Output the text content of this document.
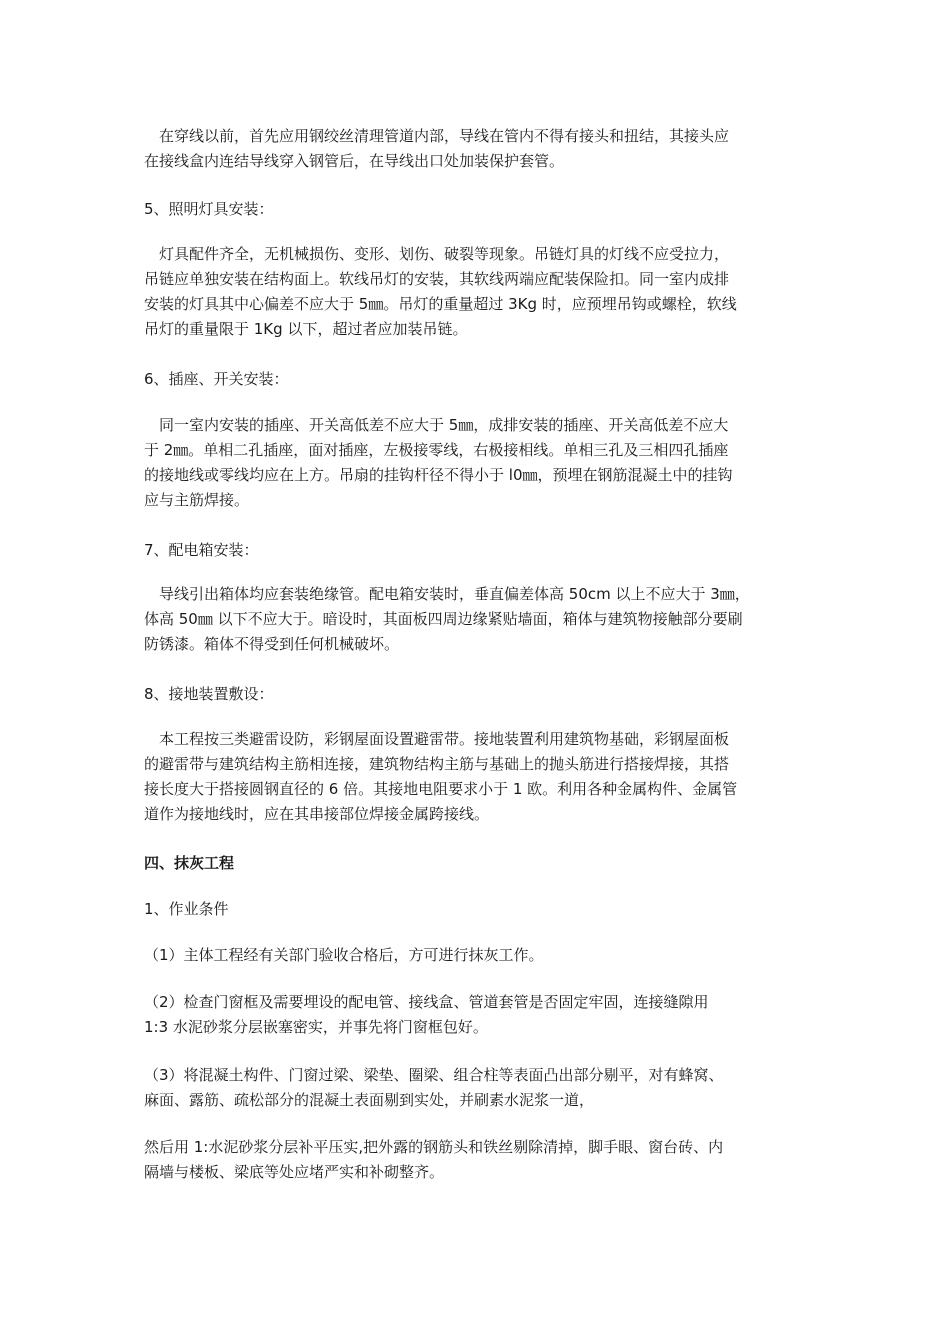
　在穿线以前，首先应用钢绞丝清理管道内部，导线在管内不得有接头和扭结，其接头应
在接线盒内连结导线穿入钢管后，在导线出口处加装保护套管。

5、照明灯具安装：

　灯具配件齐全，无机械损伤、变形、划伤、破裂等现象。吊链灯具的灯线不应受拉力，
吊链应单独安装在结构面上。软线吊灯的安装，其软线两端应配装保险扣。同一室内成排
安装的灯具其中心偏差不应大于 5㎜。吊灯的重量超过 3Kg 时，应预埋吊钩或螺栓，软线
吊灯的重量限于 1Kg 以下，超过者应加装吊链。

6、插座、开关安装：

　同一室内安装的插座、开关高低差不应大于 5㎜，成排安装的插座、开关高低差不应大
于 2㎜。单相二孔插座，面对插座，左极接零线，右极接相线。单相三孔及三相四孔插座
的接地线或零线均应在上方。吊扇的挂钩杆径不得小于 l0㎜，预埋在钢筋混凝土中的挂钩
应与主筋焊接。

7、配电箱安装：

　导线引出箱体均应套装绝缘管。配电箱安装时，垂直偏差体高 50cm 以上不应大于 3㎜，
体高 50㎜ 以下不应大于。暗设时，其面板四周边缘紧贴墙面，箱体与建筑物接触部分要刷
防锈漆。箱体不得受到任何机械破坏。

8、接地装置敷设：

　本工程按三类避雷设防，彩钢屋面设置避雷带。接地装置利用建筑物基础，彩钢屋面板
的避雷带与建筑结构主筋相连接，建筑物结构主筋与基础上的抛头筋进行搭接焊接，其搭
接长度大于搭接圆钢直径的 6 倍。其接地电阻要求小于 1 欧。利用各种金属构件、金属管
道作为接地线时，应在其串接部位焊接金属跨接线。

四、抹灰工程

1、作业条件

（1）主体工程经有关部门验收合格后，方可进行抹灰工作。

（2）检查门窗框及需要埋设的配电管、接线盒、管道套管是否固定牢固，连接缝隙用
1:3 水泥砂浆分层嵌塞密实，并事先将门窗框包好。

（3）将混凝土构件、门窗过梁、梁垫、圈梁、组合柱等表面凸出部分剔平，对有蜂窝、
麻面、露筋、疏松部分的混凝土表面剔到实处，并刷素水泥浆一道，

然后用 1:水泥砂浆分层补平压实,把外露的钢筋头和铁丝剔除清掉，脚手眼、窗台砖、内
隔墙与楼板、梁底等处应堵严实和补砌整齐。
